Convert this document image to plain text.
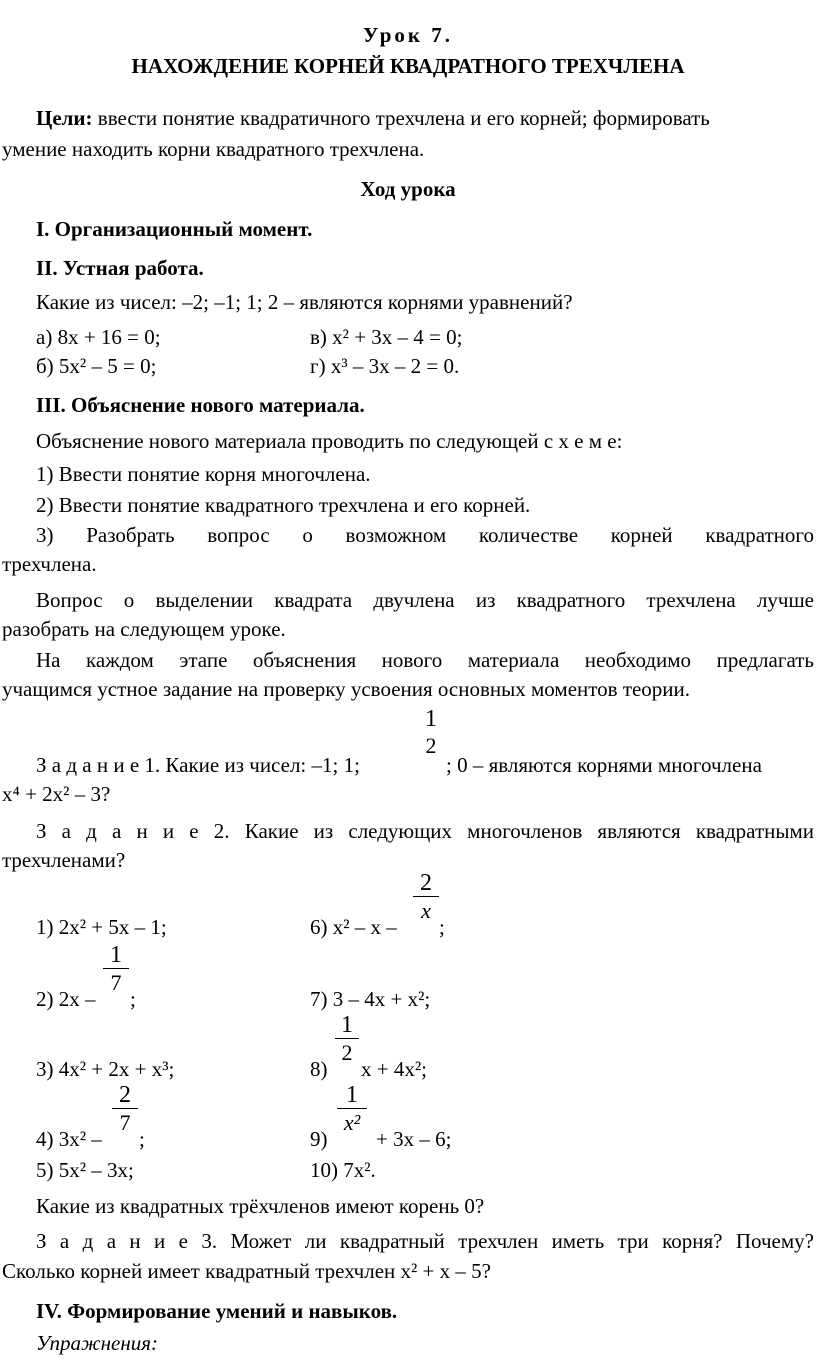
Урок 7.
НАХОЖДЕНИЕ КОРНЕЙ КВАДРАТНОГО ТРЕХЧЛЕНА
Цели: ввести понятие квадратичного трехчлена и его корней; формировать
умение находить корни квадратного трехчлена.
Ход урока
I. Организационный момент.
II. Устная работа.
Какие из чисел: –2; –1; 1; 2 – являются корнями уравнений?
а) 8x + 16 = 0;	в) x² + 3x – 4 = 0;
б) 5x² – 5 = 0;	г) x³ – 3x – 2 = 0.
III. Объяснение нового материала.
Объяснение нового материала проводить по следующей с х е м е:
1) Ввести понятие корня многочлена.
2) Ввести понятие квадратного трехчлена и его корней.
3) Разобрать вопрос о возможном количестве корней квадратного
трехчлена.
Вопрос о выделении квадрата двучлена из квадратного трехчлена лучше
разобрать на следующем уроке.
На каждом этапе объяснения нового материала необходимо предлагать
учащимся устное задание на проверку усвоения основных моментов теории.
З а д а н и е 1. Какие из чисел: –1; 1;
1
2
; 0 – являются корнями многочлена
x⁴ + 2x² – 3?
З а д а н и е 2. Какие из следующих многочленов являются квадратными
трехчленами?
1) 2x² + 5x – 1;
2) 2x –
$\frac{1}{7}$
;
3) 4x² + 2x + x³;
4) 3x² –
$\frac{2}{7}$
;
5) 5x² – 3x;
6) x² – x –
$\frac{2}{x}$
;
7) 3 – 4x + x²;
8)
$\frac{1}{2}$
x + 4x²;
9)
$\frac{1}{\text{x²}}$
+ 3x – 6;
10) 7x².
Какие из квадратных трёхчленов имеют корень 0?
З а д а н и е 3. Может ли квадратный трехчлен иметь три корня? Почему?
Сколько корней имеет квадратный трехчлен x² + x – 5?
IV. Формирование умений и навыков.
Упражнения:
